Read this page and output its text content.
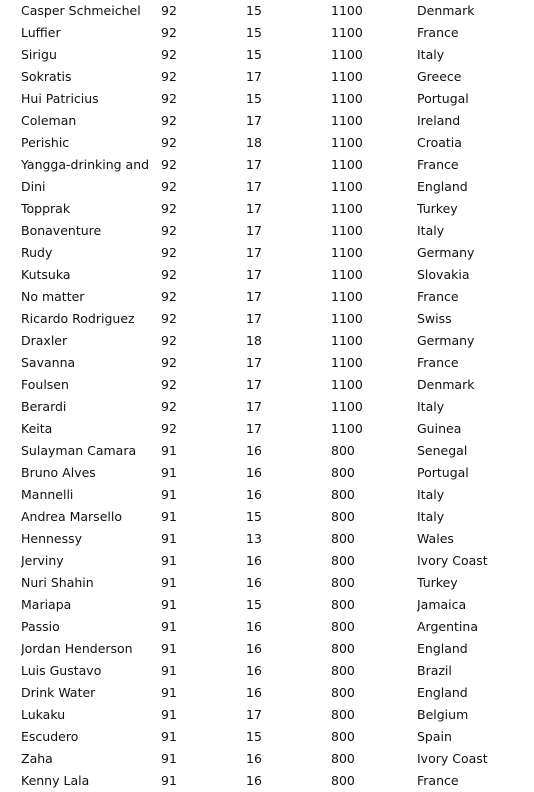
Casper Schmeichel	92	15	1100	Denmark
Luffier	92	15	1100	France
Sirigu	92	15	1100	Italy
Sokratis	92	17	1100	Greece
Hui Patricius	92	15	1100	Portugal
Coleman	92	17	1100	Ireland
Perishic	92	18	1100	Croatia
Yangga-drinking and 92	17	1100	France
Dini	92	17	1100	England
Topprak	92	17	1100	Turkey
Bonaventure	92	17	1100	Italy
Rudy	92	17	1100	Germany
Kutsuka	92	17	1100	Slovakia
No matter	92	17	1100	France
Ricardo Rodriguez	92	17	1100	Swiss
Draxler	92	18	1100	Germany
Savanna	92	17	1100	France
Foulsen	92	17	1100	Denmark
Berardi	92	17	1100	Italy
Keita	92	17	1100	Guinea
Sulayman Camara	91	16	800	Senegal
Bruno Alves	91	16	800	Portugal
Mannelli	91	16	800	Italy
Andrea Marsello	91	15	800	Italy
Hennessy	91	13	800	Wales
Jerviny	91	16	800	Ivory Coast
Nuri Shahin	91	16	800	Turkey
Mariapa	91	15	800	Jamaica
Passio	91	16	800	Argentina
Jordan Henderson	91	16	800	England
Luis Gustavo	91	16	800	Brazil
Drink Water	91	16	800	England
Lukaku	91	17	800	Belgium
Escudero	91	15	800	Spain
Zaha	91	16	800	Ivory Coast
Kenny Lala	91	16	800	France
